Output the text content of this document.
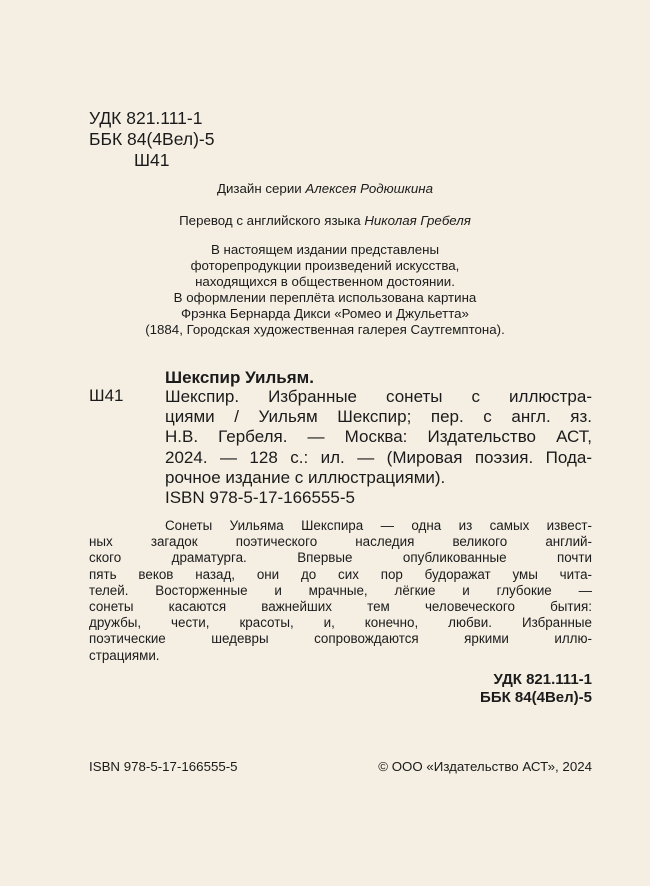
УДК 821.111-1
ББК 84(4Вел)-5
Ш41
Дизайн серии Алексея Родюшкина
Перевод с английского языка Николая Гребеля
В настоящем издании представлены
фоторепродукции произведений искусства,
находящихся в общественном достоянии.
В оформлении переплёта использована картина
Фрэнка Бернарда Дикси «Ромео и Джульетта»
(1884, Городская художественная галерея Саутгемптона).
Шекспир Уильям.
Ш41 Шекспир. Избранные сонеты с иллюстра-
циями / Уильям Шекспир; пер. с англ. яз.
Н.В. Гербеля. — Москва: Издательство АСТ,
2024. — 128 с.: ил. — (Мировая поэзия. Пода-
рочное издание с иллюстрациями).
ISBN 978-5-17-166555-5
Сонеты Уильяма Шекспира — одна из самых извест-
ных загадок поэтического наследия великого англий-
ского драматурга. Впервые опубликованные почти
пять веков назад, они до сих пор будоражат умы чита-
телей. Восторженные и мрачные, лёгкие и глубокие —
сонеты касаются важнейших тем человеческого бытия:
дружбы, чести, красоты, и, конечно, любви. Избранные
поэтические шедевры сопровождаются яркими иллю-
страциями.
УДК 821.111-1
ББК 84(4Вел)-5
ISBN 978-5-17-166555-5	© ООО «Издательство АСТ», 2024
